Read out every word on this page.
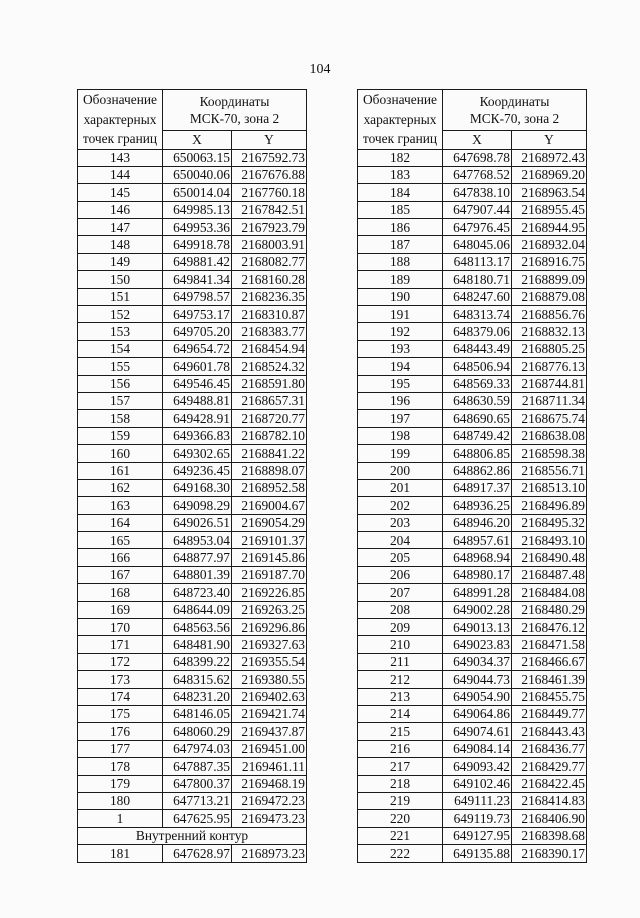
104
Обозначение
характерных
точек границ	Координаты
МСК-70, зона 2	
	X	Y
143	650063.15	2167592.73
144	650040.06	2167676.88
145	650014.04	2167760.18
146	649985.13	2167842.51
147	649953.36	2167923.79
148	649918.78	2168003.91
149	649881.42	2168082.77
150	649841.34	2168160.28
151	649798.57	2168236.35
152	649753.17	2168310.87
153	649705.20	2168383.77
154	649654.72	2168454.94
155	649601.78	2168524.32
156	649546.45	2168591.80
157	649488.81	2168657.31
158	649428.91	2168720.77
159	649366.83	2168782.10
160	649302.65	2168841.22
161	649236.45	2168898.07
162	649168.30	2168952.58
163	649098.29	2169004.67
164	649026.51	2169054.29
165	648953.04	2169101.37
166	648877.97	2169145.86
167	648801.39	2169187.70
168	648723.40	2169226.85
169	648644.09	2169263.25
170	648563.56	2169296.86
171	648481.90	2169327.63
172	648399.22	2169355.54
173	648315.62	2169380.55
174	648231.20	2169402.63
175	648146.05	2169421.74
176	648060.29	2169437.87
177	647974.03	2169451.00
178	647887.35	2169461.11
179	647800.37	2169468.19
180	647713.21	2169472.23
1	647625.95	2169473.23
Внутренний контур		
181	647628.97	2168973.23
Обозначение
характерных
точек границ	Координаты
МСК-70, зона 2	
	X	Y
182	647698.78	2168972.43
183	647768.52	2168969.20
184	647838.10	2168963.54
185	647907.44	2168955.45
186	647976.45	2168944.95
187	648045.06	2168932.04
188	648113.17	2168916.75
189	648180.71	2168899.09
190	648247.60	2168879.08
191	648313.74	2168856.76
192	648379.06	2168832.13
193	648443.49	2168805.25
194	648506.94	2168776.13
195	648569.33	2168744.81
196	648630.59	2168711.34
197	648690.65	2168675.74
198	648749.42	2168638.08
199	648806.85	2168598.38
200	648862.86	2168556.71
201	648917.37	2168513.10
202	648936.25	2168496.89
203	648946.20	2168495.32
204	648957.61	2168493.10
205	648968.94	2168490.48
206	648980.17	2168487.48
207	648991.28	2168484.08
208	649002.28	2168480.29
209	649013.13	2168476.12
210	649023.83	2168471.58
211	649034.37	2168466.67
212	649044.73	2168461.39
213	649054.90	2168455.75
214	649064.86	2168449.77
215	649074.61	2168443.43
216	649084.14	2168436.77
217	649093.42	2168429.77
218	649102.46	2168422.45
219	649111.23	2168414.83
220	649119.73	2168406.90
221	649127.95	2168398.68
222	649135.88	2168390.17
